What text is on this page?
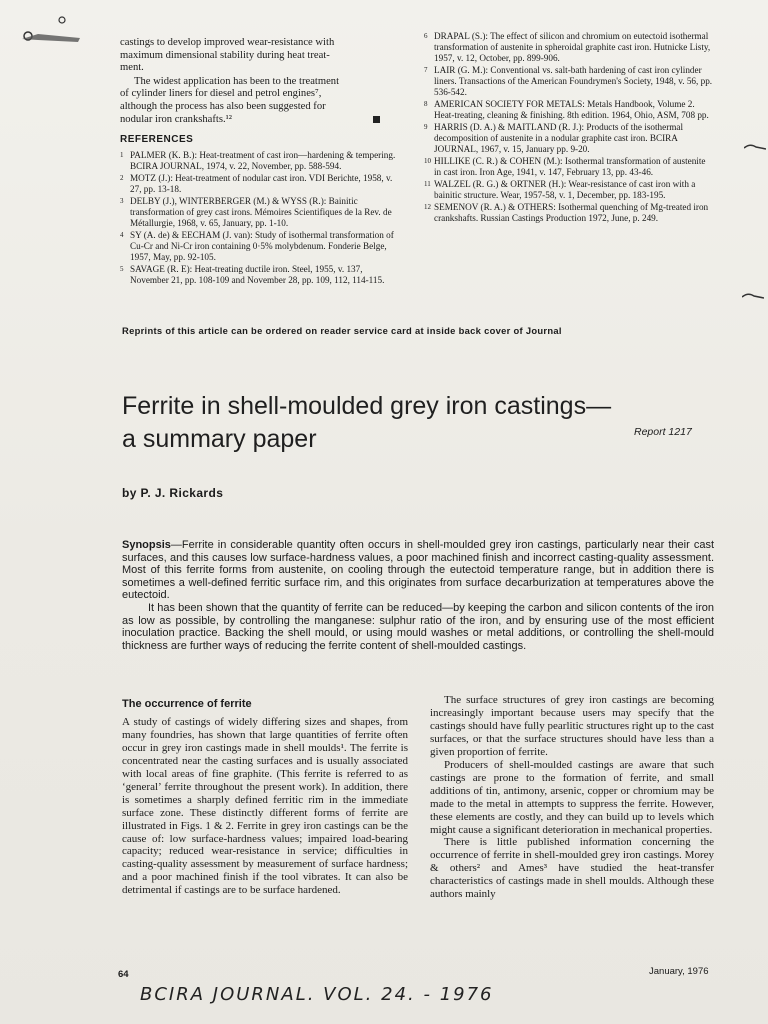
castings to develop improved wear-resistance with
maximum dimensional stability during heat treat-
ment.

The widest application has been to the treatment
of cylinder liners for diesel and petrol engines⁷,
although the process has also been suggested for
nodular iron crankshafts.¹²

REFERENCES
1 PALMER (K. B.): Heat-treatment of cast iron—hardening & tempering. BCIRA JOURNAL, 1974, v. 22, November, pp. 588-594.
2 MOTZ (J.): Heat-treatment of nodular cast iron. VDI Berichte, 1958, v. 27, pp. 13-18.
3 DELBY (J.), WINTERBERGER (M.) & WYSS (R.): Bainitic transformation of grey cast irons. Mémoires Scientifiques de la Rev. de Métallurgie, 1968, v. 65, January, pp. 1-10.
4 SY (A. de) & EECHAM (J. van): Study of isothermal transformation of Cu-Cr and Ni-Cr iron containing 0·5% molybdenum. Fonderie Belge, 1957, May, pp. 92-105.
5 SAVAGE (R. E): Heat-treating ductile iron. Steel, 1955, v. 137, November 21, pp. 108-109 and November 28, pp. 109, 112, 114-115.
6 DRAPAL (S.): The effect of silicon and chromium on eutectoid isothermal transformation of austenite in spheroidal graphite cast iron. Hutnicke Listy, 1957, v. 12, October, pp. 899-906.
7 LAIR (G. M.): Conventional vs. salt-bath hardening of cast iron cylinder liners. Transactions of the American Foundrymen's Society, 1948, v. 56, pp. 536-542.
8 AMERICAN SOCIETY FOR METALS: Metals Handbook, Volume 2. Heat-treating, cleaning & finishing. 8th edition. 1964, Ohio, ASM, 708 pp.
9 HARRIS (D. A.) & MAITLAND (R. J.): Products of the isothermal decomposition of austenite in a nodular graphite cast iron. BCIRA JOURNAL, 1967, v. 15, January pp. 9-20.
10 HILLIKE (C. R.) & COHEN (M.): Isothermal transformation of austenite in cast iron. Iron Age, 1941, v. 147, February 13, pp. 43-46.
11 WALZEL (R. G.) & ORTNER (H.): Wear-resistance of cast iron with a bainitic structure. Wear, 1957-58, v. 1, December, pp. 183-195.
12 SEMENOV (R. A.) & OTHERS: Isothermal quenching of Mg-treated iron crankshafts. Russian Castings Production 1972, June, p. 249.
Reprints of this article can be ordered on reader service card at inside back cover of Journal
Ferrite in shell-moulded grey iron castings—
a summary paper	Report 1217
by P. J. Rickards

Synopsis—Ferrite in considerable quantity often occurs in shell-moulded grey iron castings, particularly near their cast surfaces, and this causes low surface-hardness values, a poor machined finish and incorrect casting-quality assessment. Most of this ferrite forms from austenite, on cooling through the eutectoid temperature range, but in addition there is sometimes a well-defined ferritic surface rim, and this originates from surface decarburization at temperatures above the eutectoid.

It has been shown that the quantity of ferrite can be reduced—by keeping the carbon and silicon contents of the iron as low as possible, by controlling the manganese: sulphur ratio of the iron, and by ensuring use of the most efficient inoculation practice. Backing the shell mould, or using mould washes or metal additions, or controlling the shell-mould thickness are further ways of reducing the ferrite content of shell-moulded castings.

The occurrence of ferrite

A study of castings of widely differing sizes and shapes, from many foundries, has shown that large quantities of ferrite often occur in grey iron castings made in shell moulds¹. The ferrite is concentrated near the casting surfaces and is usually associated with local areas of fine graphite. (This ferrite is referred to as ‘general’ ferrite throughout the present work). In addition, there is sometimes a sharply defined ferritic rim in the immediate surface zone. These distinctly different forms of ferrite are illustrated in Figs. 1 & 2. Ferrite in grey iron castings can be the cause of: low surface-hardness values; impaired load-bearing capacity; reduced wear-resistance in service; difficulties in casting-quality assessment by measurement of surface hardness; and a poor machined finish if the tool vibrates. It can also be detrimental if castings are to be surface hardened.

The surface structures of grey iron castings are becoming increasingly important because users may specify that the castings should have fully pearlitic structures right up to the cast surfaces, or that the surface structures should have less than a given proportion of ferrite.

Producers of shell-moulded castings are aware that such castings are prone to the formation of ferrite, and small additions of tin, antimony, arsenic, copper or chromium may be made to the metal in attempts to suppress the ferrite. However, these elements are costly, and they can build up to levels which might cause a significant deterioration in mechanical properties.

There is little published information concerning the occurrence of ferrite in shell-moulded grey iron castings. Morey & others² and Ames³ have studied the heat-transfer characteristics of castings made in shell moulds. Although these authors mainly

64	January, 1976
BCIRA JOURNAL. VOL. 24. - 1976
